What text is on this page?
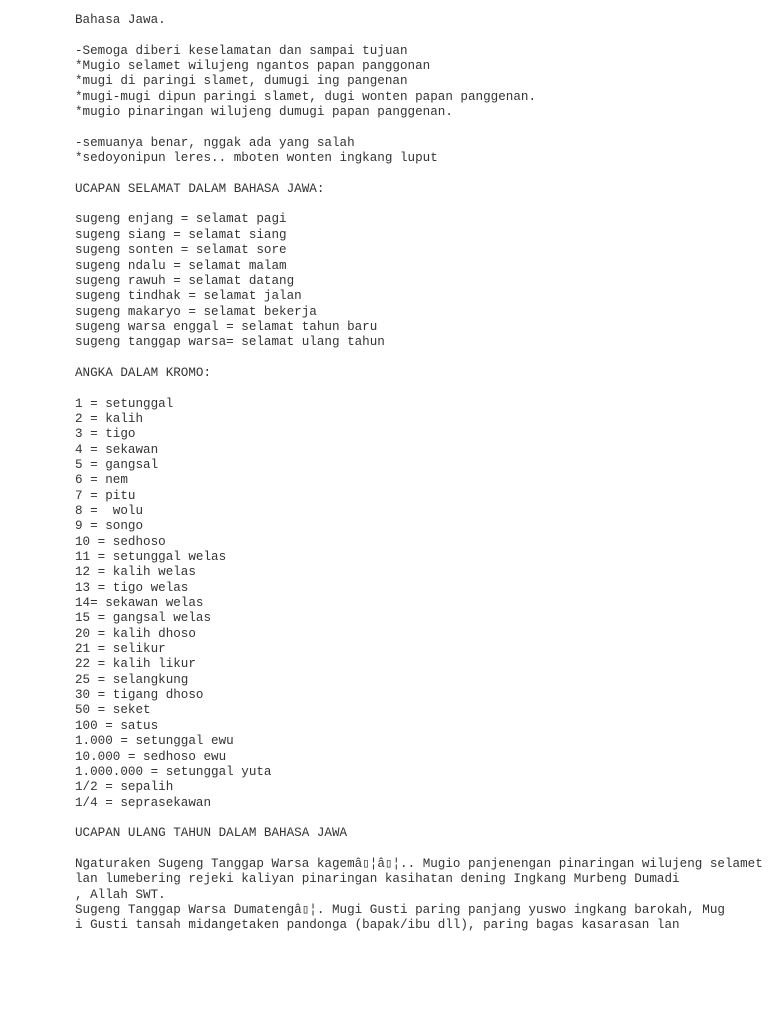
Bahasa Jawa.
-Semoga diberi keselamatan dan sampai tujuan
*Mugio selamet wilujeng ngantos papan panggonan
*mugi di paringi slamet, dumugi ing pangenan
*mugi-mugi dipun paringi slamet, dugi wonten papan panggenan.
*mugio pinaringan wilujeng dumugi papan panggenan.
-semuanya benar, nggak ada yang salah
*sedoyonipun leres.. mboten wonten ingkang luput
UCAPAN SELAMAT DALAM BAHASA JAWA:
sugeng enjang = selamat pagi
sugeng siang = selamat siang
sugeng sonten = selamat sore
sugeng ndalu = selamat malam
sugeng rawuh = selamat datang
sugeng tindhak = selamat jalan
sugeng makaryo = selamat bekerja
sugeng warsa enggal = selamat tahun baru
sugeng tanggap warsa= selamat ulang tahun
ANGKA DALAM KROMO:
1 = setunggal
2 = kalih
3 = tigo
4 = sekawan
5 = gangsal
6 = nem
7 = pitu
8 =  wolu
9 = songo
10 = sedhoso
11 = setunggal welas
12 = kalih welas
13 = tigo welas
14= sekawan welas
15 = gangsal welas
20 = kalih dhoso
21 = selikur
22 = kalih likur
25 = selangkung
30 = tigang dhoso
50 = seket
100 = satus
1.000 = setunggal ewu
10.000 = sedhoso ewu
1.000.000 = setunggal yuta
1/2 = sepalih
1/4 = seprasekawan
UCAPAN ULANG TAHUN DALAM BAHASA JAWA
Ngaturaken Sugeng Tanggap Warsa kagemâ▯¦â▯¦.. Mugio panjenengan pinaringan wilujeng selamet
lan lumebering rejeki kaliyan pinaringan kasihatan dening Ingkang Murbeng Dumadi
, Allah SWT.
Sugeng Tanggap Warsa Dumatengâ▯¦. Mugi Gusti paring panjang yuswo ingkang barokah, Mug
i Gusti tansah midangetaken pandonga (bapak/ibu dll), paring bagas kasarasan lan
